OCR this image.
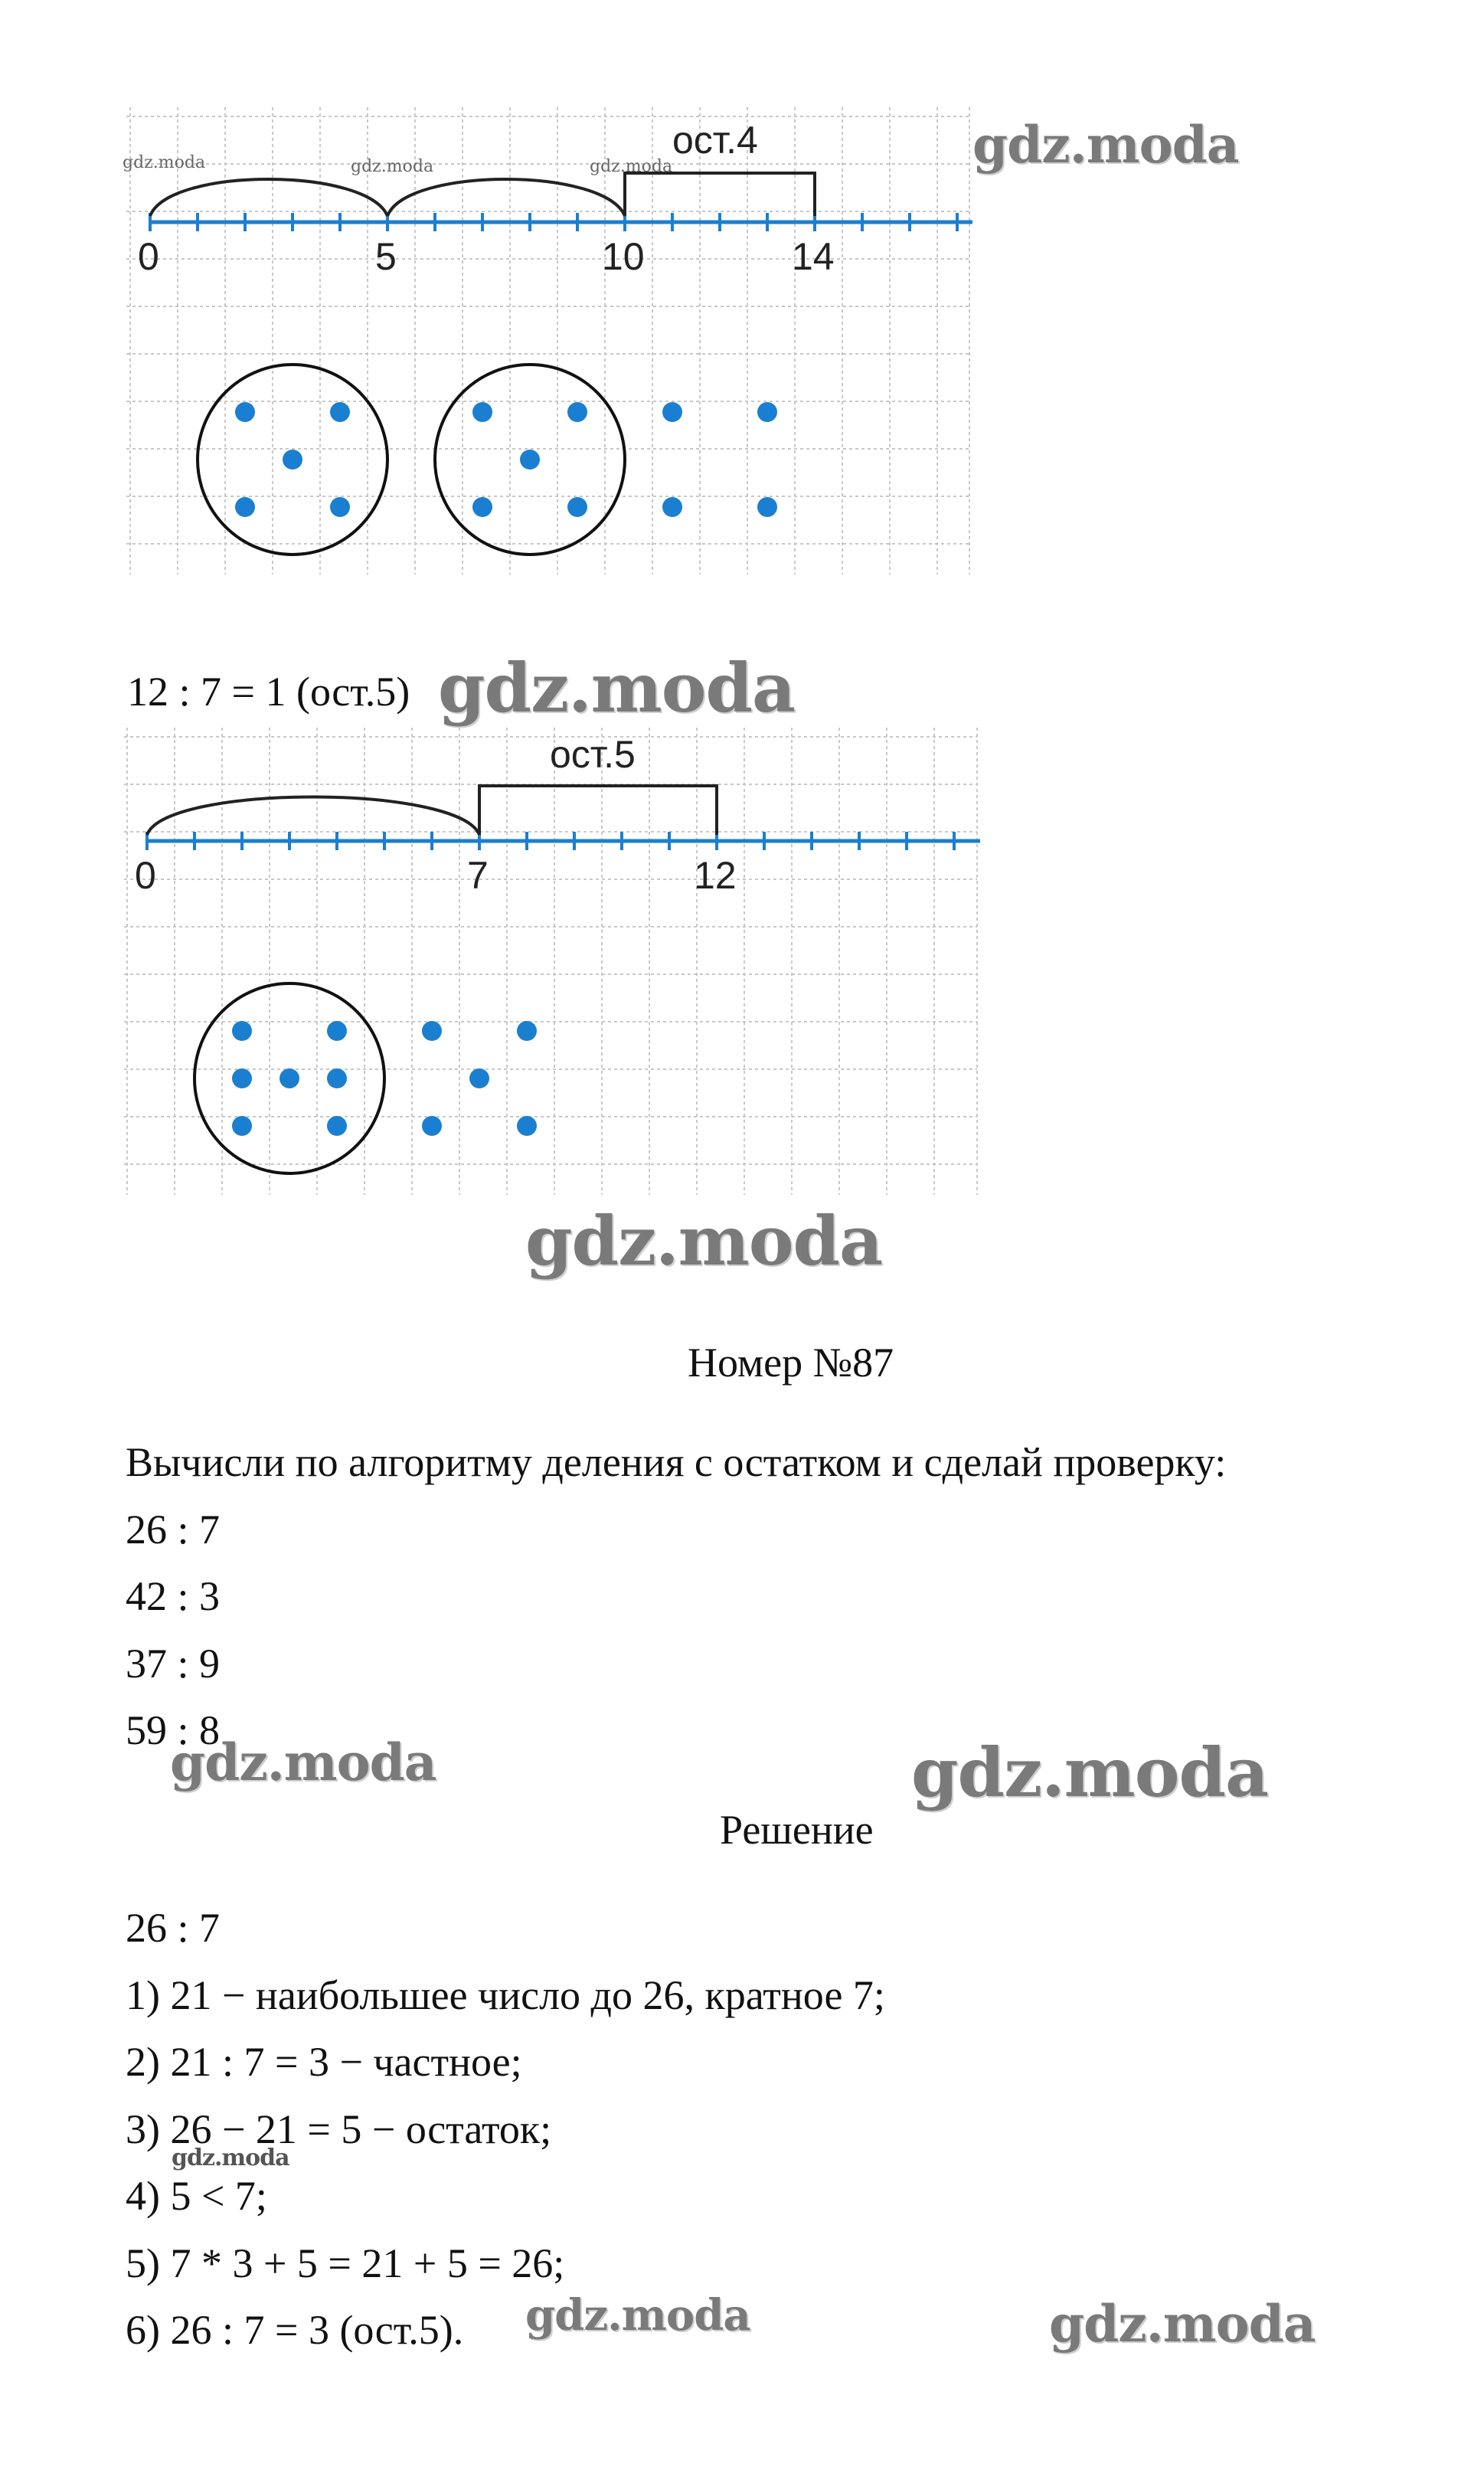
ост.4
0	5	10	14
gdz.moda	gdz.moda	gdz.moda	gdz.moda
12 : 7 = 1 (ост.5) gdz.moda
ост.5
0	7	12
gdz.moda
Номер №87
Вычисли по алгоритму деления с остатком и сделай проверку:
26 : 7
42 : 3
37 : 9
59 : 8
gdz.moda
Решение
gdz.moda
26 : 7
1) 21 − наибольшее число до 26, кратное 7;
2) 21 : 7 = 3 − частное;
3) 26 − 21 = 5 − остаток;
gdz.moda
4) 5 < 7;
5) 7 * 3 + 5 = 21 + 5 = 26;
6) 26 : 7 = 3 (ост.5). gdz.moda	gdz.moda
